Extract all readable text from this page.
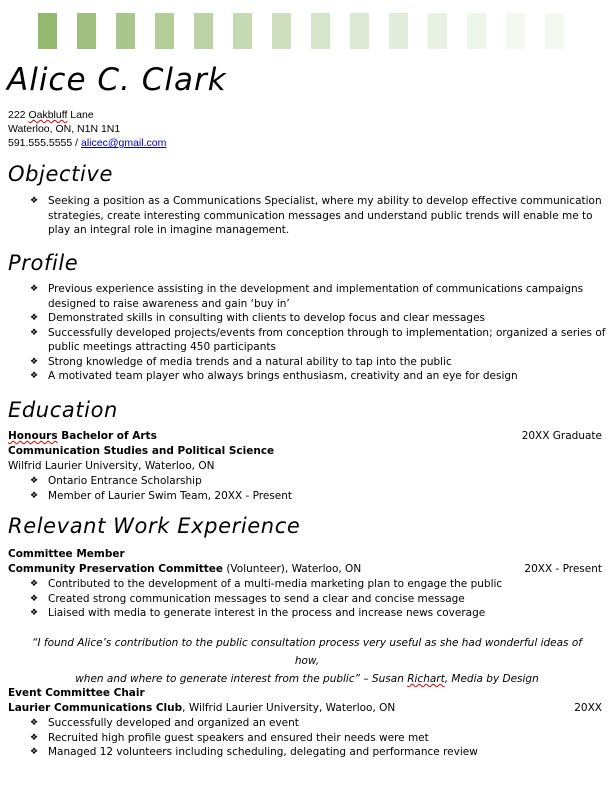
Alice C. Clark
222 Oakbluff Lane
Waterloo, ON, N1N 1N1
591.555.5555 / alicec@gmail.com
Objective
❖ Seeking a position as a Communications Specialist, where my ability to develop effective communication strategies, create interesting communication messages and understand public trends will enable me to play an integral role in imagine management.
Profile
❖ Previous experience assisting in the development and implementation of communications campaigns designed to raise awareness and gain ‘buy in’
❖ Demonstrated skills in consulting with clients to develop focus and clear messages
❖ Successfully developed projects/events from conception through to implementation; organized a series of public meetings attracting 450 participants
❖ Strong knowledge of media trends and a natural ability to tap into the public
❖ A motivated team player who always brings enthusiasm, creativity and an eye for design
Education
Honours Bachelor of Arts	20XX Graduate
Communication Studies and Political Science
Wilfrid Laurier University, Waterloo, ON
❖ Ontario Entrance Scholarship
❖ Member of Laurier Swim Team, 20XX - Present
Relevant Work Experience
Committee Member
Community Preservation Committee (Volunteer), Waterloo, ON	20XX - Present
❖ Contributed to the development of a multi-media marketing plan to engage the public
❖ Created strong communication messages to send a clear and concise message
❖ Liaised with media to generate interest in the process and increase news coverage
“I found Alice’s contribution to the public consultation process very useful as she had wonderful ideas of how,
when and where to generate interest from the public” – Susan Richart, Media by Design
Event Committee Chair
Laurier Communications Club, Wilfrid Laurier University, Waterloo, ON	20XX
❖ Successfully developed and organized an event
❖ Recruited high profile guest speakers and ensured their needs were met
❖ Managed 12 volunteers including scheduling, delegating and performance review
